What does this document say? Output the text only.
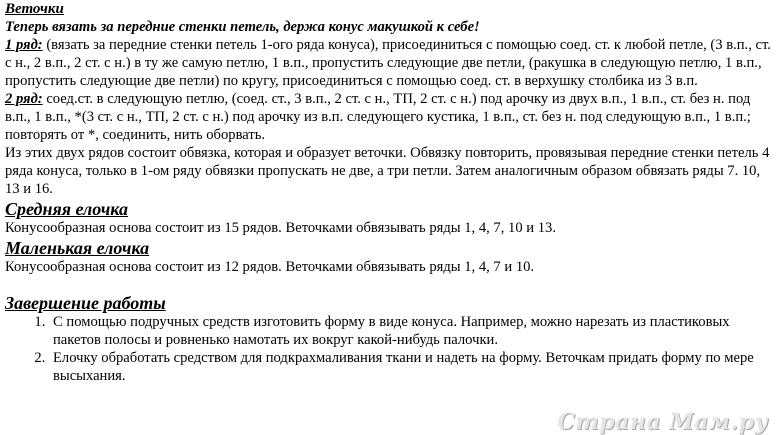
Веточки

Теперь вязать за передние стенки петель, держа конус макушкой к себе!

1 ряд: (вязать за передние стенки петель 1-ого ряда конуса), присоединиться с помощью соед. ст. к любой петле, (3 в.п., ст. с н., 2 в.п., 2 ст. с н.) в ту же самую петлю, 1 в.п., пропустить следующие две петли, (ракушка в следующую петлю, 1 в.п., пропустить следующие две петли) по кругу, присоединиться с помощью соед. ст. в верхушку столбика из 3 в.п.

2 ряд: соед.ст. в следующую петлю, (соед. ст., 3 в.п., 2 ст. с н., ТП, 2 ст. с н.) под арочку из двух в.п., 1 в.п., ст. без н. под в.п., 1 в.п., *(3 ст. с н., ТП, 2 ст. с н.) под арочку из в.п. следующего кустика, 1 в.п., ст. без н. под следующую в.п., 1 в.п.; повторять от *, соединить, нить оборвать.

Из этих двух рядов состоит обвязка, которая и образует веточки. Обвязку повторить, провязывая передние стенки петель 4 ряда конуса, только в 1-ом ряду обвязки пропускать не две, а три петли. Затем аналогичным образом обвязать ряды 7. 10, 13 и 16.

Средняя елочка

Конусообразная основа состоит из 15 рядов. Веточками обвязывать ряды 1, 4, 7, 10 и 13.

Маленькая елочка

Конусообразная основа состоит из 12 рядов. Веточками обвязывать ряды 1, 4, 7 и 10.

Завершение работы
1. С помощью подручных средств изготовить форму в виде конуса. Например, можно нарезать из пластиковых пакетов полосы и ровненько намотать их вокруг какой-нибудь палочки.
2. Елочку обработать средством для подкрахмаливания ткани и надеть на форму. Веточкам придать форму по мере высыхания.
Страна Мам.ру
